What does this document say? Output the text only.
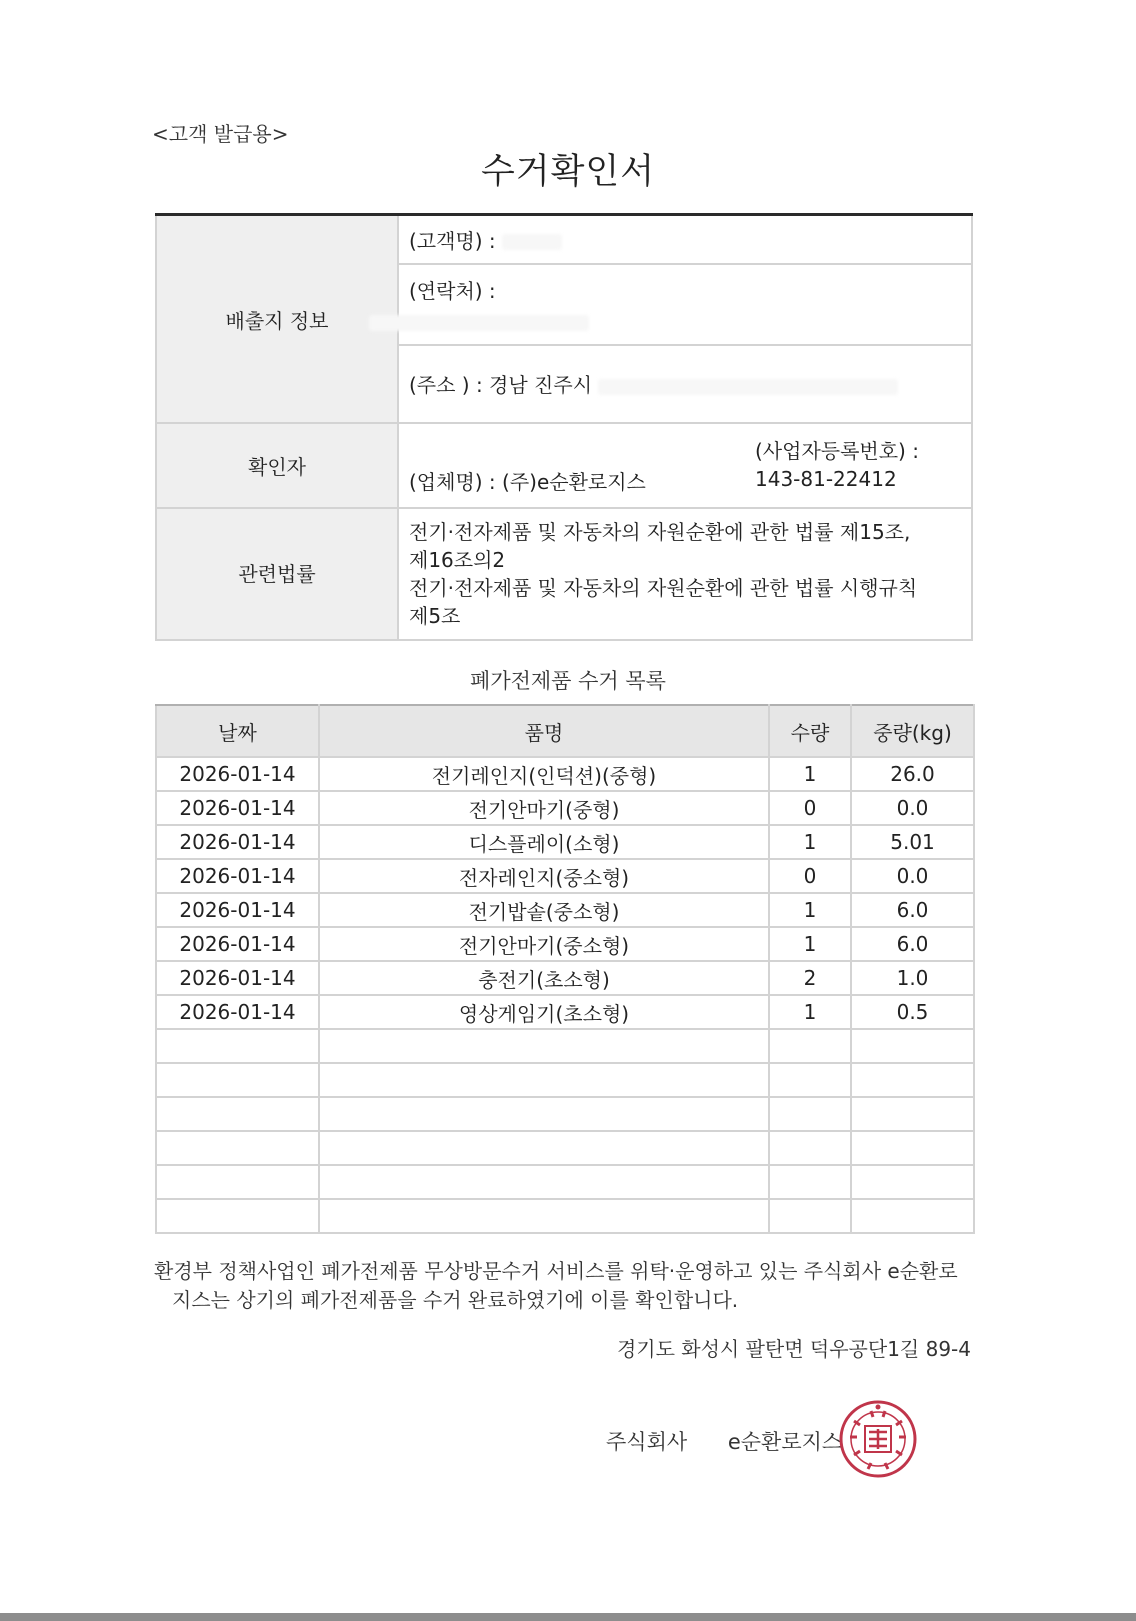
<고객 발급용>
수거확인서
배출지 정보	(고객명) :

	(연락처) :

	(주소 ) : 경남 진주시
확인자	(업체명) : (주)e순환로지스
(사업자등록번호) :
143-81-22412

관련법률	전기·전자제품 및 자동차의 자원순환에 관한 법률 제15조,
제16조의2
전기·전자제품 및 자동차의 자원순환에 관한 법률 시행규칙
제5조
폐가전제품 수거 목록
날짜	품명	수량	중량(kg)
2026-01-14	전기레인지(인덕션)(중형)	1	26.0
2026-01-14	전기안마기(중형)	0	0.0
2026-01-14	디스플레이(소형)	1	5.01
2026-01-14	전자레인지(중소형)	0	0.0
2026-01-14	전기밥솥(중소형)	1	6.0
2026-01-14	전기안마기(중소형)	1	6.0
2026-01-14	충전기(초소형)	2	1.0
2026-01-14	영상게임기(초소형)	1	0.5

환경부 정책사업인 폐가전제품 무상방문수거 서비스를 위탁·운영하고 있는 주식회사 e순환로
지스는 상기의 폐가전제품을 수거 완료하였기에 이를 확인합니다.
경기도 화성시 팔탄면 덕우공단1길 89-4
주식회사 e순환로지스
